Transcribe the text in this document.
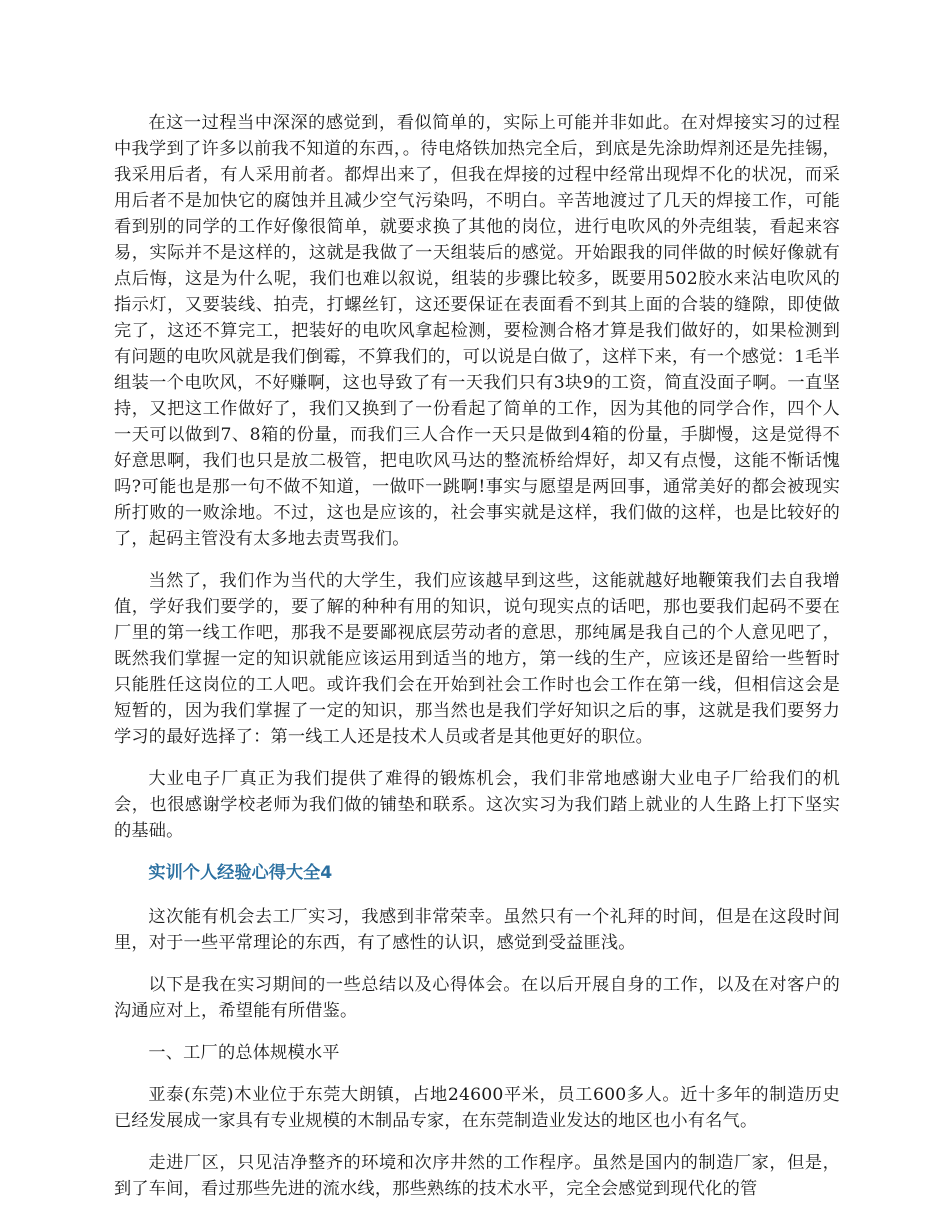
在这一过程当中深深的感觉到，看似简单的，实际上可能并非如此。在对焊接实习的过程中我学到了许多以前我不知道的东西，。待电烙铁加热完全后，到底是先涂助焊剂还是先挂锡，我采用后者，有人采用前者。都焊出来了，但我在焊接的过程中经常出现焊不化的状况，而采用后者不是加快它的腐蚀并且减少空气污染吗，不明白。辛苦地渡过了几天的焊接工作，可能看到别的同学的工作好像很简单，就要求换了其他的岗位，进行电吹风的外壳组装，看起来容易，实际并不是这样的，这就是我做了一天组装后的感觉。开始跟我的同伴做的时候好像就有点后悔，这是为什么呢，我们也难以叙说，组装的步骤比较多，既要用502胶水来沾电吹风的指示灯，又要装线、拍壳，打螺丝钉，这还要保证在表面看不到其上面的合装的缝隙，即使做完了，这还不算完工，把装好的电吹风拿起检测，要检测合格才算是我们做好的，如果检测到有问题的电吹风就是我们倒霉，不算我们的，可以说是白做了，这样下来，有一个感觉：1毛半组装一个电吹风，不好赚啊，这也导致了有一天我们只有3块9的工资，简直没面子啊。一直坚持，又把这工作做好了，我们又换到了一份看起了简单的工作，因为其他的同学合作，四个人一天可以做到7、8箱的份量，而我们三人合作一天只是做到4箱的份量，手脚慢，这是觉得不好意思啊，我们也只是放二极管，把电吹风马达的整流桥给焊好，却又有点慢，这能不惭话愧吗?可能也是那一句不做不知道，一做吓一跳啊!事实与愿望是两回事，通常美好的都会被现实所打败的一败涂地。不过，这也是应该的，社会事实就是这样，我们做的这样，也是比较好的了，起码主管没有太多地去责骂我们。

当然了，我们作为当代的大学生，我们应该越早到这些，这能就越好地鞭策我们去自我增值，学好我们要学的，要了解的种种有用的知识，说句现实点的话吧，那也要我们起码不要在厂里的第一线工作吧，那我不是要鄙视底层劳动者的意思，那纯属是我自己的个人意见吧了，既然我们掌握一定的知识就能应该运用到适当的地方，第一线的生产，应该还是留给一些暂时只能胜任这岗位的工人吧。或许我们会在开始到社会工作时也会工作在第一线，但相信这会是短暂的，因为我们掌握了一定的知识，那当然也是我们学好知识之后的事，这就是我们要努力学习的最好选择了：第一线工人还是技术人员或者是其他更好的职位。

大业电子厂真正为我们提供了难得的锻炼机会，我们非常地感谢大业电子厂给我们的机会，也很感谢学校老师为我们做的铺垫和联系。这次实习为我们踏上就业的人生路上打下坚实的基础。

实训个人经验心得大全4

这次能有机会去工厂实习，我感到非常荣幸。虽然只有一个礼拜的时间，但是在这段时间里，对于一些平常理论的东西，有了感性的认识，感觉到受益匪浅。

以下是我在实习期间的一些总结以及心得体会。在以后开展自身的工作，以及在对客户的沟通应对上，希望能有所借鉴。

一、工厂的总体规模水平

亚泰(东莞)木业位于东莞大朗镇，占地24600平米，员工600多人。近十多年的制造历史已经发展成一家具有专业规模的木制品专家，在东莞制造业发达的地区也小有名气。

走进厂区，只见洁净整齐的环境和次序井然的工作程序。虽然是国内的制造厂家，但是，到了车间，看过那些先进的流水线，那些熟练的技术水平，完全会感觉到现代化的管
